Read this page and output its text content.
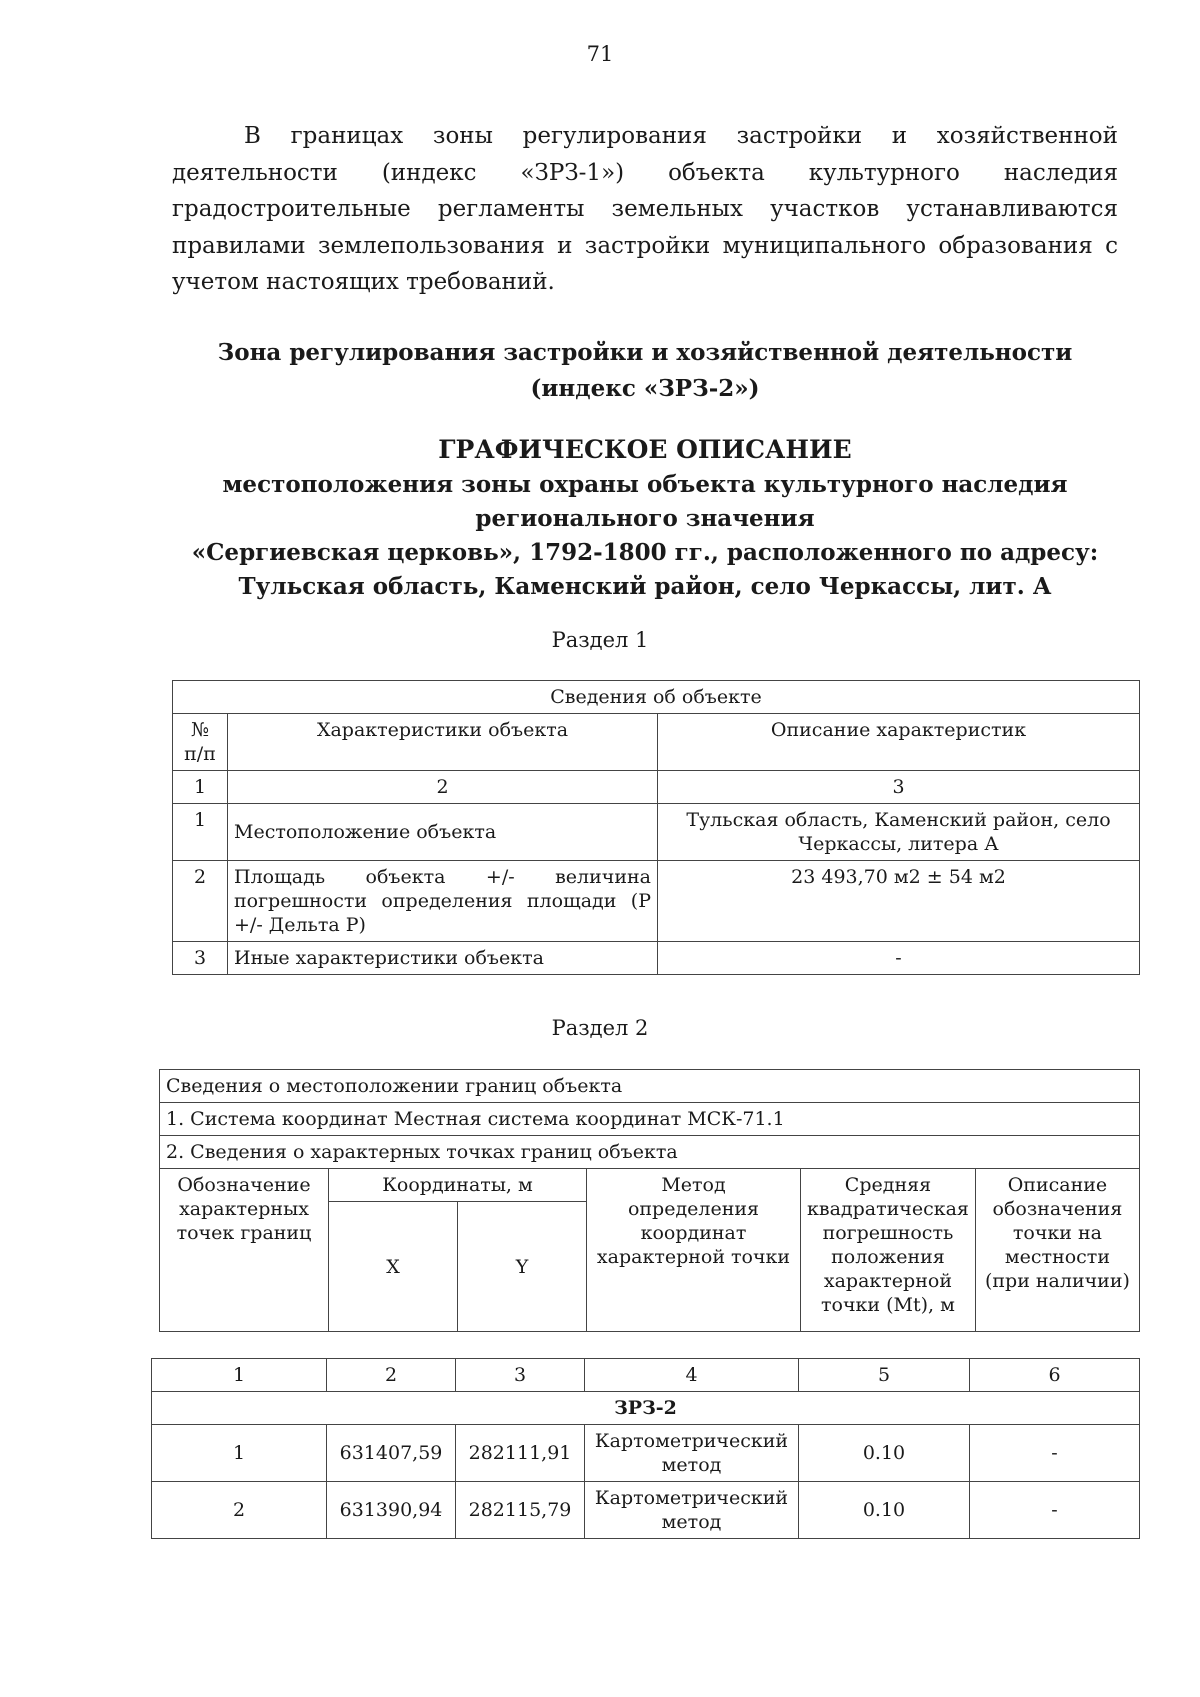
71

В границах зоны регулирования застройки и хозяйственной деятельности (индекс «ЗРЗ-1») объекта культурного наследия градостроительные регламенты земельных участков устанавливаются правилами землепользования и застройки муниципального образования с учетом настоящих требований.

Зона регулирования застройки и хозяйственной деятельности
(индекс «ЗРЗ-2»)
ГРАФИЧЕСКОЕ ОПИСАНИЕ
местоположения зоны охраны объекта культурного наследия
регионального значения
«Сергиевская церковь», 1792-1800 гг., расположенного по адресу:
Тульская область, Каменский район, село Черкассы, лит. А
Раздел 1
Сведения об объекте		
№ п/п	Характеристики объекта	Описание характеристик
1	2	3
1	Местоположение объекта	Тульская область, Каменский район, село Черкассы, литера А
2	Площадь объекта +/- величина погрешности определения площади (Р +/- Дельта Р)	23 493,70 м2 ± 54 м2
3	Иные характеристики объекта	-
Раздел 2
Сведения о местоположении границ объекта					
1. Система координат Местная система координат МСК-71.1					
2. Сведения о характерных точках границ объекта					
Обозначение характерных точек границ	Координаты, м		Метод определения координат характерной точки	Средняя квадратическая погрешность положения характерной точки (Mt), м	Описание обозначения точки на местности (при наличии)
	X	Y			
1	2	3	4	5	6
ЗРЗ-2					
1	631407,59	282111,91	Картометрический метод	0.10	-
2	631390,94	282115,79	Картометрический метод	0.10	-
